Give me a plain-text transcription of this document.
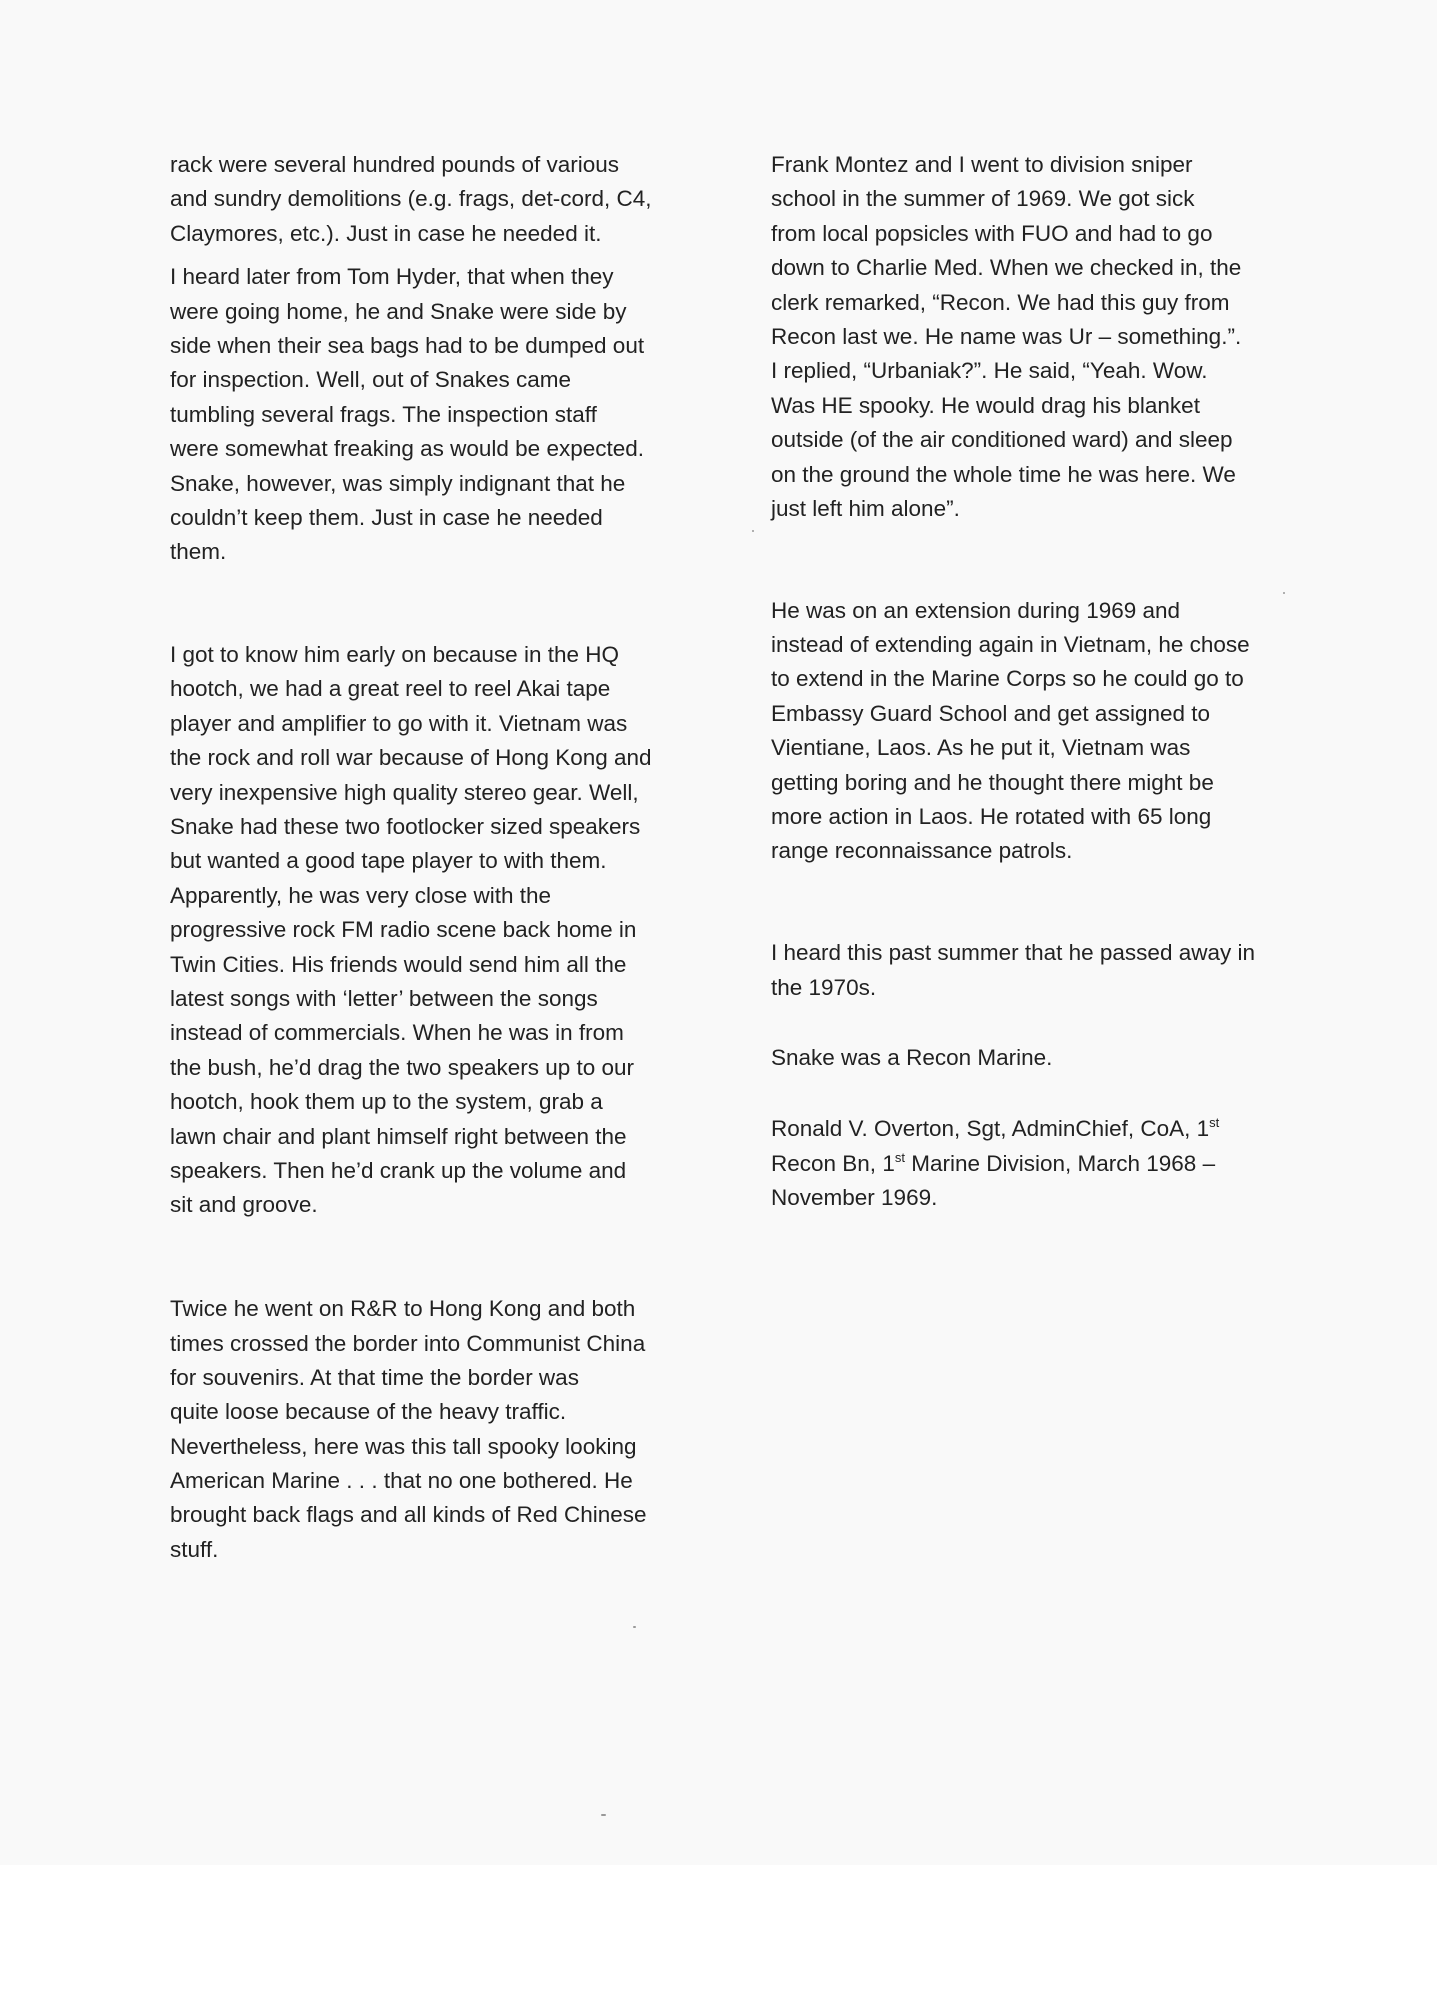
rack were several hundred pounds of various
and sundry demolitions (e.g. frags, det-cord, C4,
Claymores, etc.). Just in case he needed it.
I heard later from Tom Hyder, that when they
were going home, he and Snake were side by
side when their sea bags had to be dumped out
for inspection. Well, out of Snakes came
tumbling several frags. The inspection staff
were somewhat freaking as would be expected.
Snake, however, was simply indignant that he
couldn’t keep them. Just in case he needed
them.
I got to know him early on because in the HQ
hootch, we had a great reel to reel Akai tape
player and amplifier to go with it. Vietnam was
the rock and roll war because of Hong Kong and
very inexpensive high quality stereo gear. Well,
Snake had these two footlocker sized speakers
but wanted a good tape player to with them.
Apparently, he was very close with the
progressive rock FM radio scene back home in
Twin Cities. His friends would send him all the
latest songs with ‘letter’ between the songs
instead of commercials. When he was in from
the bush, he’d drag the two speakers up to our
hootch, hook them up to the system, grab a
lawn chair and plant himself right between the
speakers. Then he’d crank up the volume and
sit and groove.
Twice he went on R&R to Hong Kong and both
times crossed the border into Communist China
for souvenirs. At that time the border was
quite loose because of the heavy traffic.
Nevertheless, here was this tall spooky looking
American Marine . . . that no one bothered. He
brought back flags and all kinds of Red Chinese
stuff.
Frank Montez and I went to division sniper
school in the summer of 1969. We got sick
from local popsicles with FUO and had to go
down to Charlie Med. When we checked in, the
clerk remarked, “Recon. We had this guy from
Recon last we. He name was Ur – something.”.
I replied, “Urbaniak?”. He said, “Yeah. Wow.
Was HE spooky. He would drag his blanket
outside (of the air conditioned ward) and sleep
on the ground the whole time he was here. We
just left him alone”.
He was on an extension during 1969 and
instead of extending again in Vietnam, he chose
to extend in the Marine Corps so he could go to
Embassy Guard School and get assigned to
Vientiane, Laos. As he put it, Vietnam was
getting boring and he thought there might be
more action in Laos. He rotated with 65 long
range reconnaissance patrols.
I heard this past summer that he passed away in
the 1970s.
Snake was a Recon Marine.
Ronald V. Overton, Sgt, AdminChief, CoA, 1st
Recon Bn, 1st Marine Division, March 1968 –
November 1969.
